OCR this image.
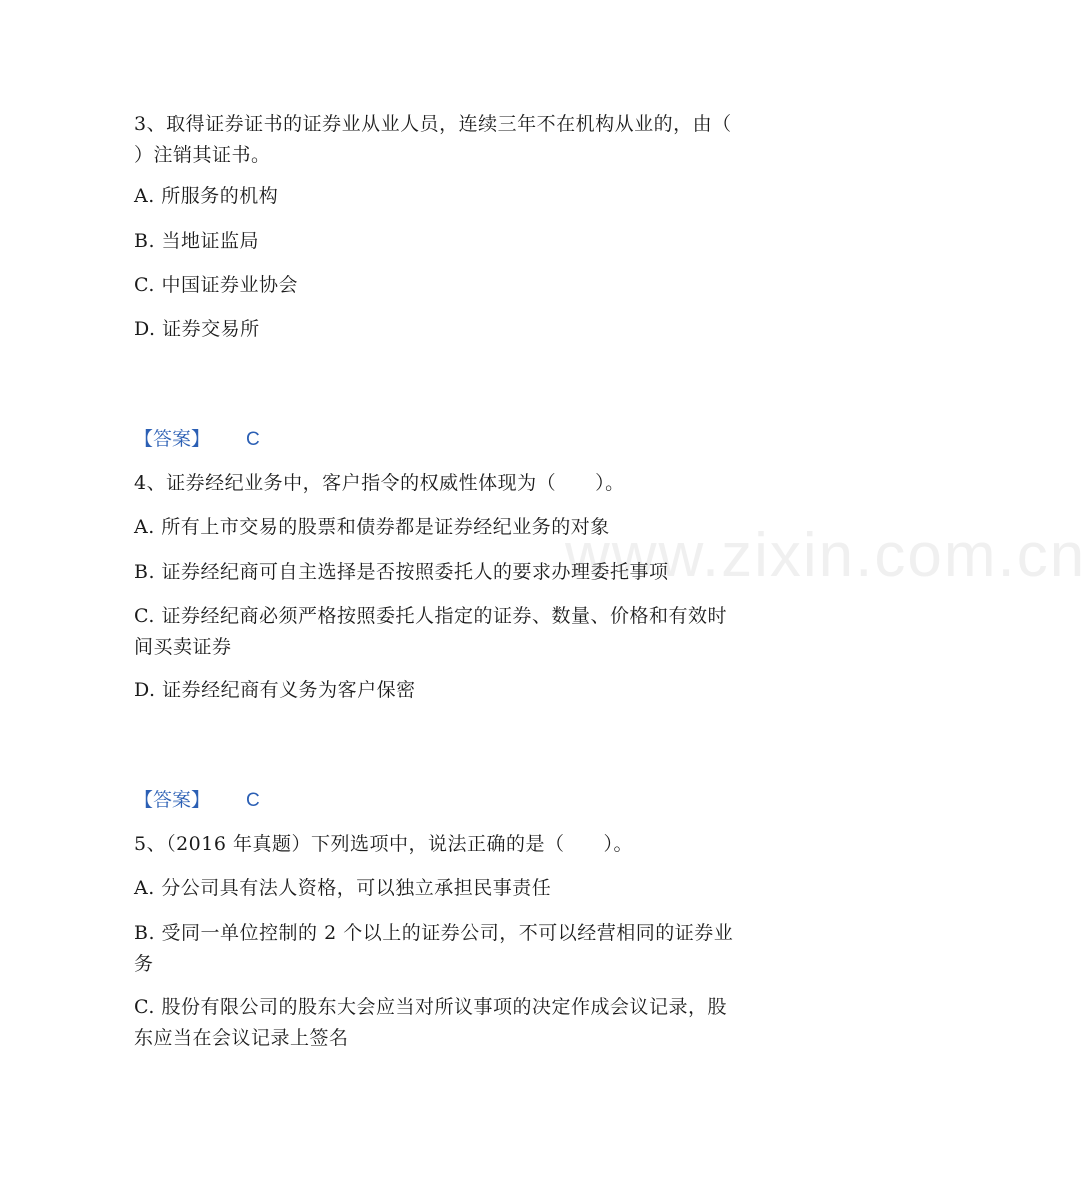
www.zixin.com.cn
3、取得证券证书的证券业从业人员，连续三年不在机构从业的，由（
）注销其证书。
A. 所服务的机构
B. 当地证监局
C. 中国证券业协会
D. 证券交易所
【答案】 C
4、证券经纪业务中，客户指令的权威性体现为（　　）。
A. 所有上市交易的股票和债券都是证券经纪业务的对象
B. 证券经纪商可自主选择是否按照委托人的要求办理委托事项
C. 证券经纪商必须严格按照委托人指定的证券、数量、价格和有效时
间买卖证券
D. 证券经纪商有义务为客户保密
【答案】 C
5、（2016 年真题）下列选项中，说法正确的是（　　）。
A. 分公司具有法人资格，可以独立承担民事责任
B. 受同一单位控制的 2 个以上的证券公司，不可以经营相同的证券业
务
C. 股份有限公司的股东大会应当对所议事项的决定作成会议记录，股
东应当在会议记录上签名
